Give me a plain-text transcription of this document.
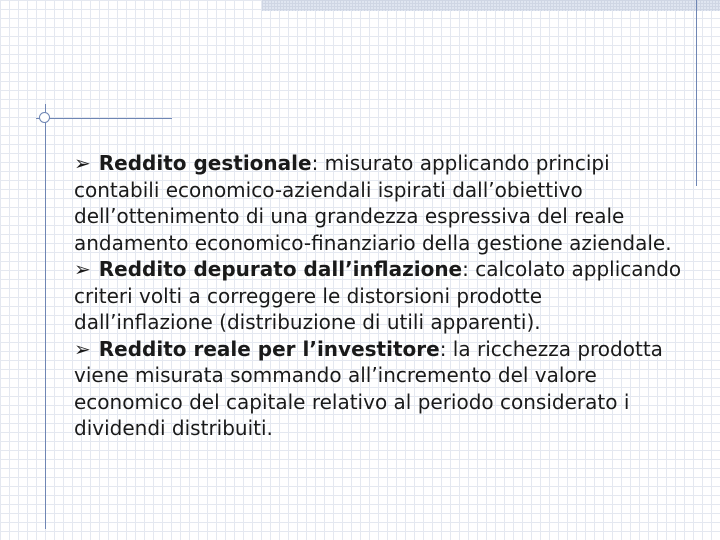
➢ Reddito gestionale: misurato applicando principi contabili economico-aziendali ispirati dall’obiettivo dell’ottenimento di una grandezza espressiva del reale andamento economico-finanziario della gestione aziendale.

➢ Reddito depurato dall’inflazione: calcolato applicando criteri volti a correggere le distorsioni prodotte dall’inflazione (distribuzione di utili apparenti).

➢ Reddito reale per l’investitore: la ricchezza prodotta viene misurata sommando all’incremento del valore economico del capitale relativo al periodo considerato i dividendi distribuiti.
